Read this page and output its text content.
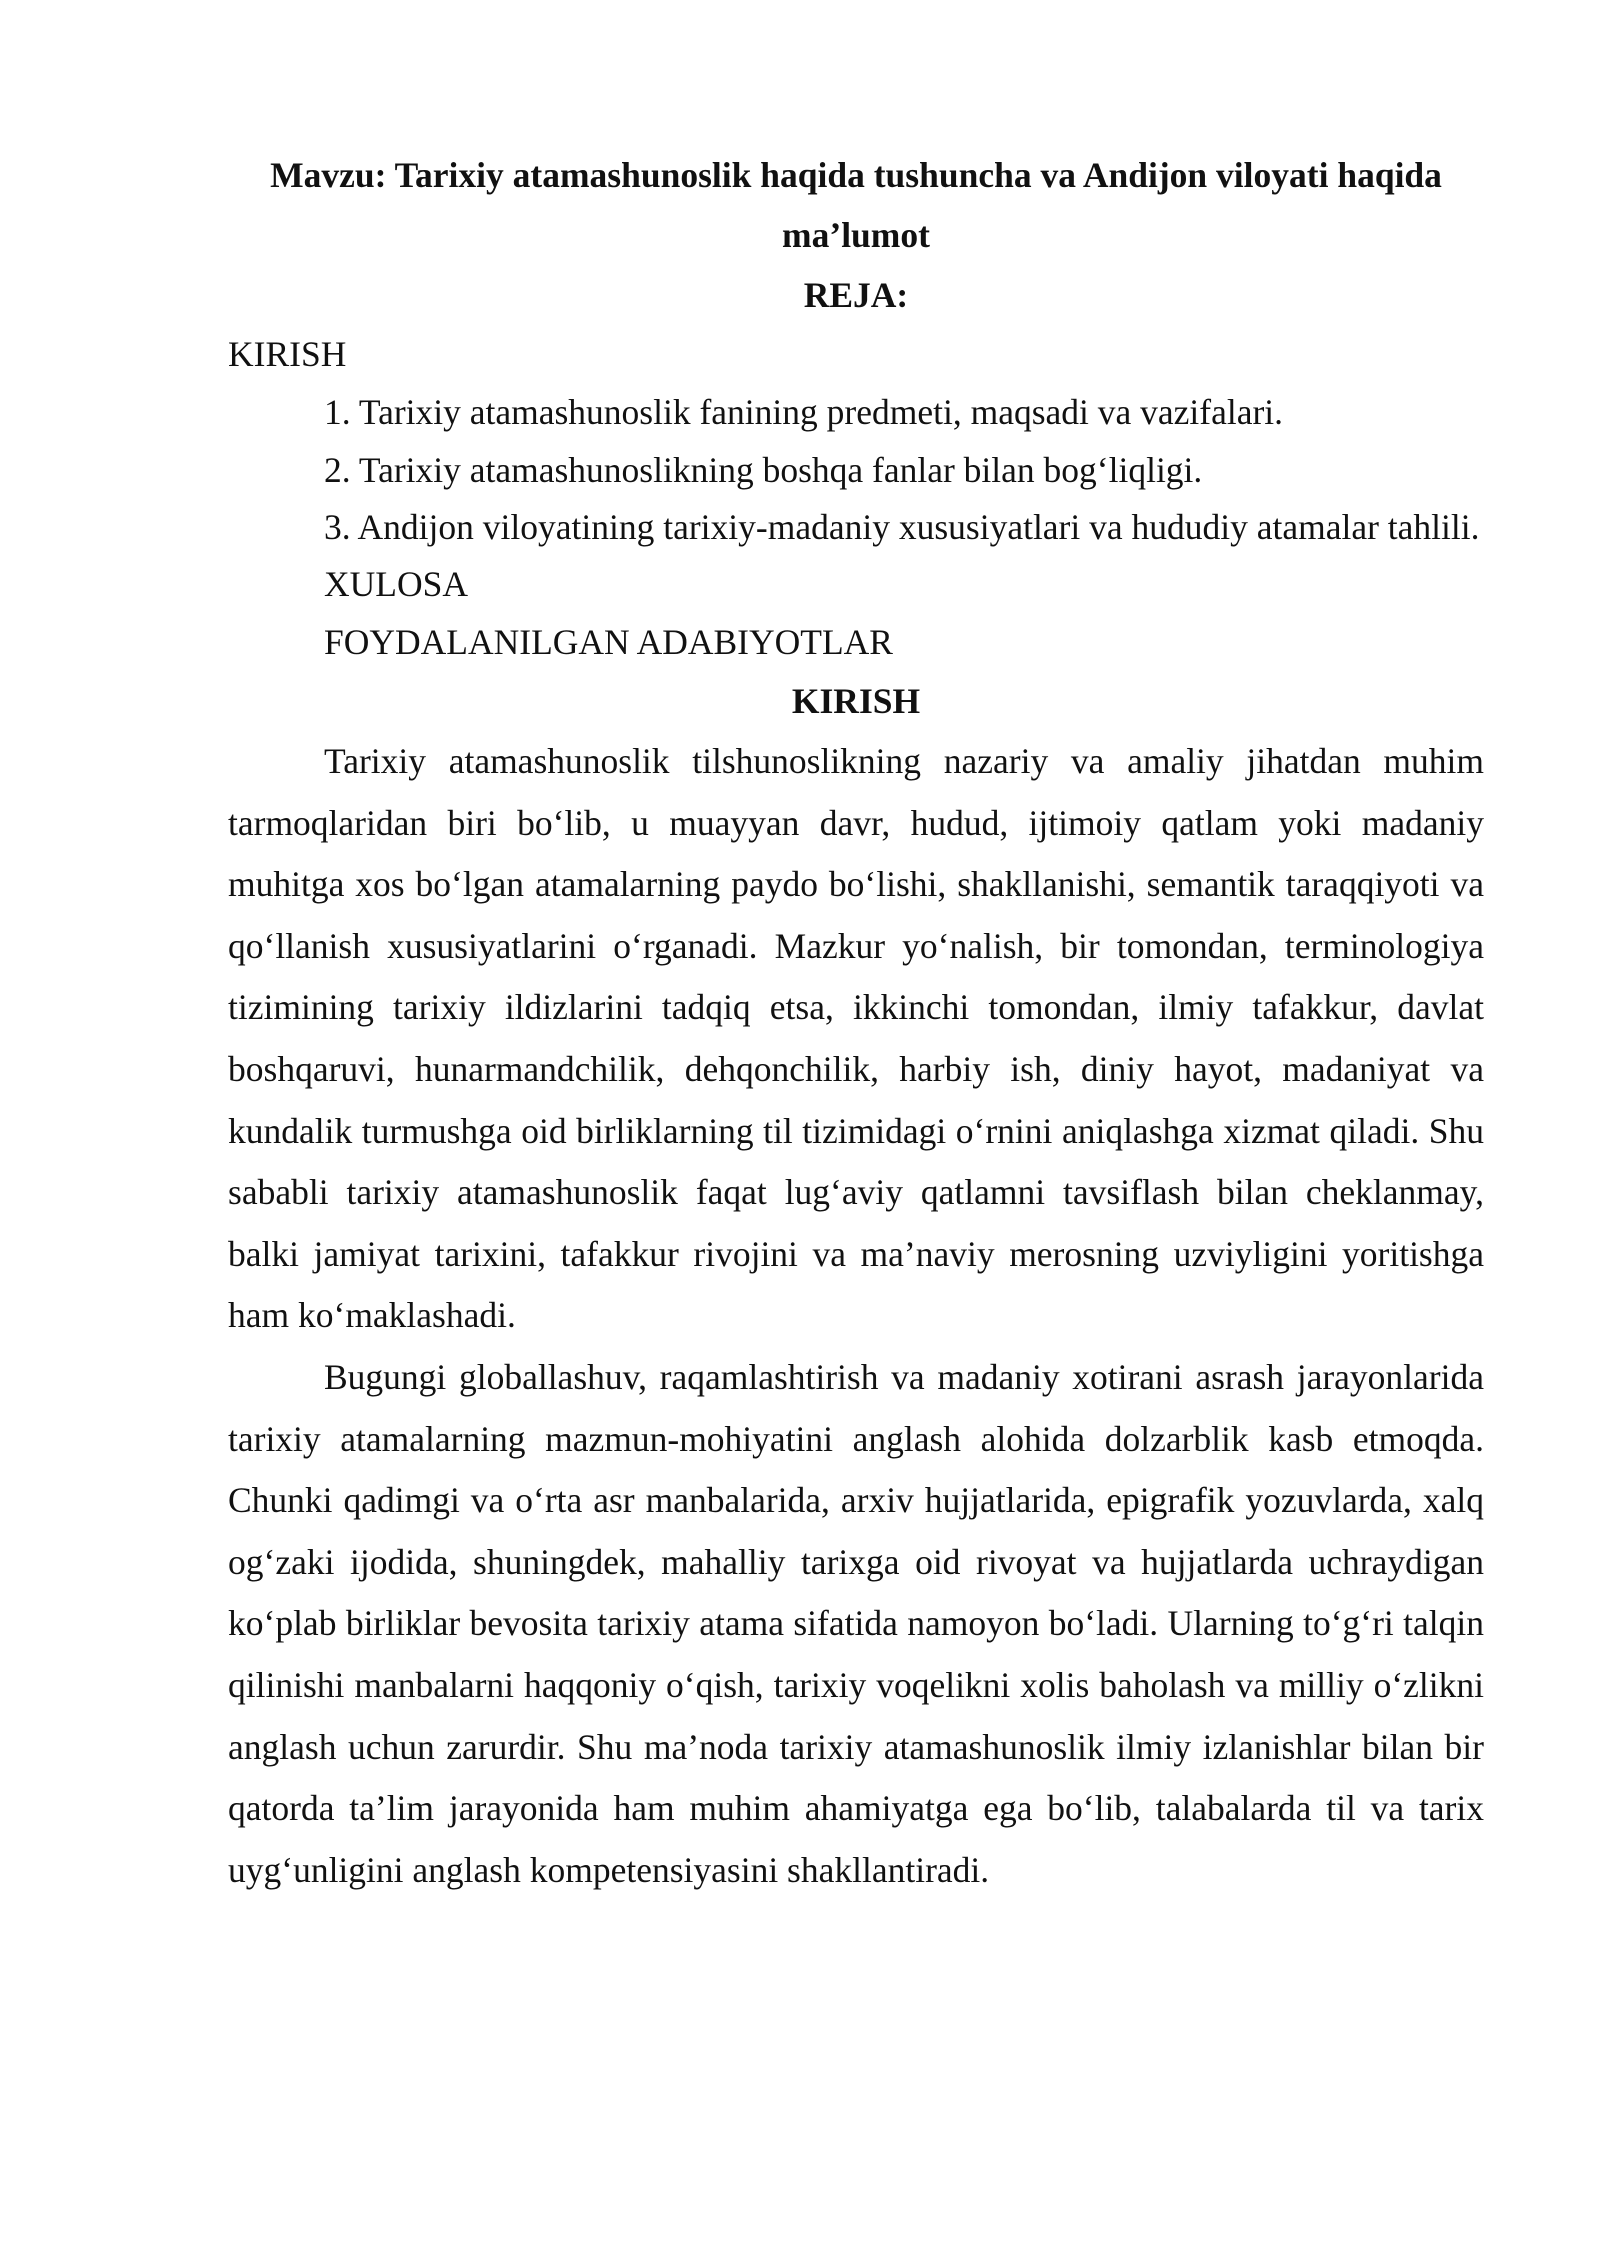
Mavzu: Tarixiy atamashunoslik haqida tushuncha va Andijon viloyati haqida ma’lumot
REJA:

KIRISH

1. Tarixiy atamashunoslik fanining predmeti, maqsadi va vazifalari.
2. Tarixiy atamashunoslikning boshqa fanlar bilan bog‘liqligi.
3. Andijon viloyatining tarixiy-madaniy xususiyatlari va hududiy atamalar tahlili.

XULOSA

FOYDALANILGAN ADABIYOTLAR

KIRISH

Tarixiy atamashunoslik tilshunoslikning nazariy va amaliy jihatdan muhim tarmoqlaridan biri bo‘lib, u muayyan davr, hudud, ijtimoiy qatlam yoki madaniy muhitga xos bo‘lgan atamalarning paydo bo‘lishi, shakllanishi, semantik taraqqiyoti va qo‘llanish xususiyatlarini o‘rganadi. Mazkur yo‘nalish, bir tomondan, terminologiya tizimining tarixiy ildizlarini tadqiq etsa, ikkinchi tomondan, ilmiy tafakkur, davlat boshqaruvi, hunarmandchilik, dehqonchilik, harbiy ish, diniy hayot, madaniyat va kundalik turmushga oid birliklarning til tizimidagi o‘rnini aniqlashga xizmat qiladi. Shu sababli tarixiy atamashunoslik faqat lug‘aviy qatlamni tavsiflash bilan cheklanmay, balki jamiyat tarixini, tafakkur rivojini va ma’naviy merosning uzviyligini yoritishga ham ko‘maklashadi.

Bugungi globallashuv, raqamlashtirish va madaniy xotirani asrash jarayonlarida tarixiy atamalarning mazmun-mohiyatini anglash alohida dolzarblik kasb etmoqda. Chunki qadimgi va o‘rta asr manbalarida, arxiv hujjatlarida, epigrafik yozuvlarda, xalq og‘zaki ijodida, shuningdek, mahalliy tarixga oid rivoyat va hujjatlarda uchraydigan ko‘plab birliklar bevosita tarixiy atama sifatida namoyon bo‘ladi. Ularning to‘g‘ri talqin qilinishi manbalarni haqqoniy o‘qish, tarixiy voqelikni xolis baholash va milliy o‘zlikni anglash uchun zarurdir. Shu ma’noda tarixiy atamashunoslik ilmiy izlanishlar bilan bir qatorda ta’lim jarayonida ham muhim ahamiyatga ega bo‘lib, talabalarda til va tarix uyg‘unligini anglash kompetensiyasini shakllantiradi.
